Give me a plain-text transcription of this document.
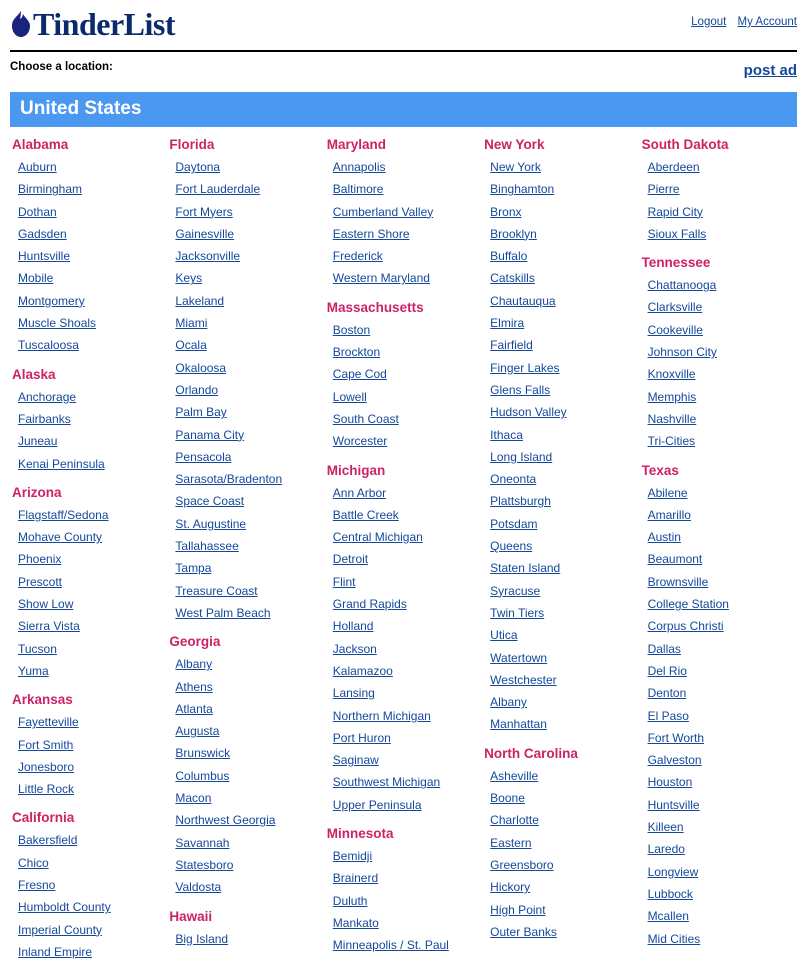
TinderList	Logout My Account
Choose a location:	post ad
United States
Alabama
Auburn
Birmingham
Dothan
Gadsden
Huntsville
Mobile
Montgomery
Muscle Shoals
Tuscaloosa
Alaska
Anchorage
Fairbanks
Juneau
Kenai Peninsula
Arizona
Flagstaff/Sedona
Mohave County
Phoenix
Prescott
Show Low
Sierra Vista
Tucson
Yuma
Arkansas
Fayetteville
Fort Smith
Jonesboro
Little Rock
California
Bakersfield
Chico
Fresno
Humboldt County
Imperial County
Inland Empire
Florida
Daytona
Fort Lauderdale
Fort Myers
Gainesville
Jacksonville
Keys
Lakeland
Miami
Ocala
Okaloosa
Orlando
Palm Bay
Panama City
Pensacola
Sarasota/Bradenton
Space Coast
St. Augustine
Tallahassee
Tampa
Treasure Coast
West Palm Beach
Georgia
Albany
Athens
Atlanta
Augusta
Brunswick
Columbus
Macon
Northwest Georgia
Savannah
Statesboro
Valdosta
Hawaii
Big Island
Maryland
Annapolis
Baltimore
Cumberland Valley
Eastern Shore
Frederick
Western Maryland
Massachusetts
Boston
Brockton
Cape Cod
Lowell
South Coast
Worcester
Michigan
Ann Arbor
Battle Creek
Central Michigan
Detroit
Flint
Grand Rapids
Holland
Jackson
Kalamazoo
Lansing
Northern Michigan
Port Huron
Saginaw
Southwest Michigan
Upper Peninsula
Minnesota
Bemidji
Brainerd
Duluth
Mankato
Minneapolis / St. Paul
New York
New York
Binghamton
Bronx
Brooklyn
Buffalo
Catskills
Chautauqua
Elmira
Fairfield
Finger Lakes
Glens Falls
Hudson Valley
Ithaca
Long Island
Oneonta
Plattsburgh
Potsdam
Queens
Staten Island
Syracuse
Twin Tiers
Utica
Watertown
Westchester
Albany
Manhattan
North Carolina
Asheville
Boone
Charlotte
Eastern
Greensboro
Hickory
High Point
Outer Banks
South Dakota
Aberdeen
Pierre
Rapid City
Sioux Falls
Tennessee
Chattanooga
Clarksville
Cookeville
Johnson City
Knoxville
Memphis
Nashville
Tri-Cities
Texas
Abilene
Amarillo
Austin
Beaumont
Brownsville
College Station
Corpus Christi
Dallas
Del Rio
Denton
El Paso
Fort Worth
Galveston
Houston
Huntsville
Killeen
Laredo
Longview
Lubbock
Mcallen
Mid Cities
